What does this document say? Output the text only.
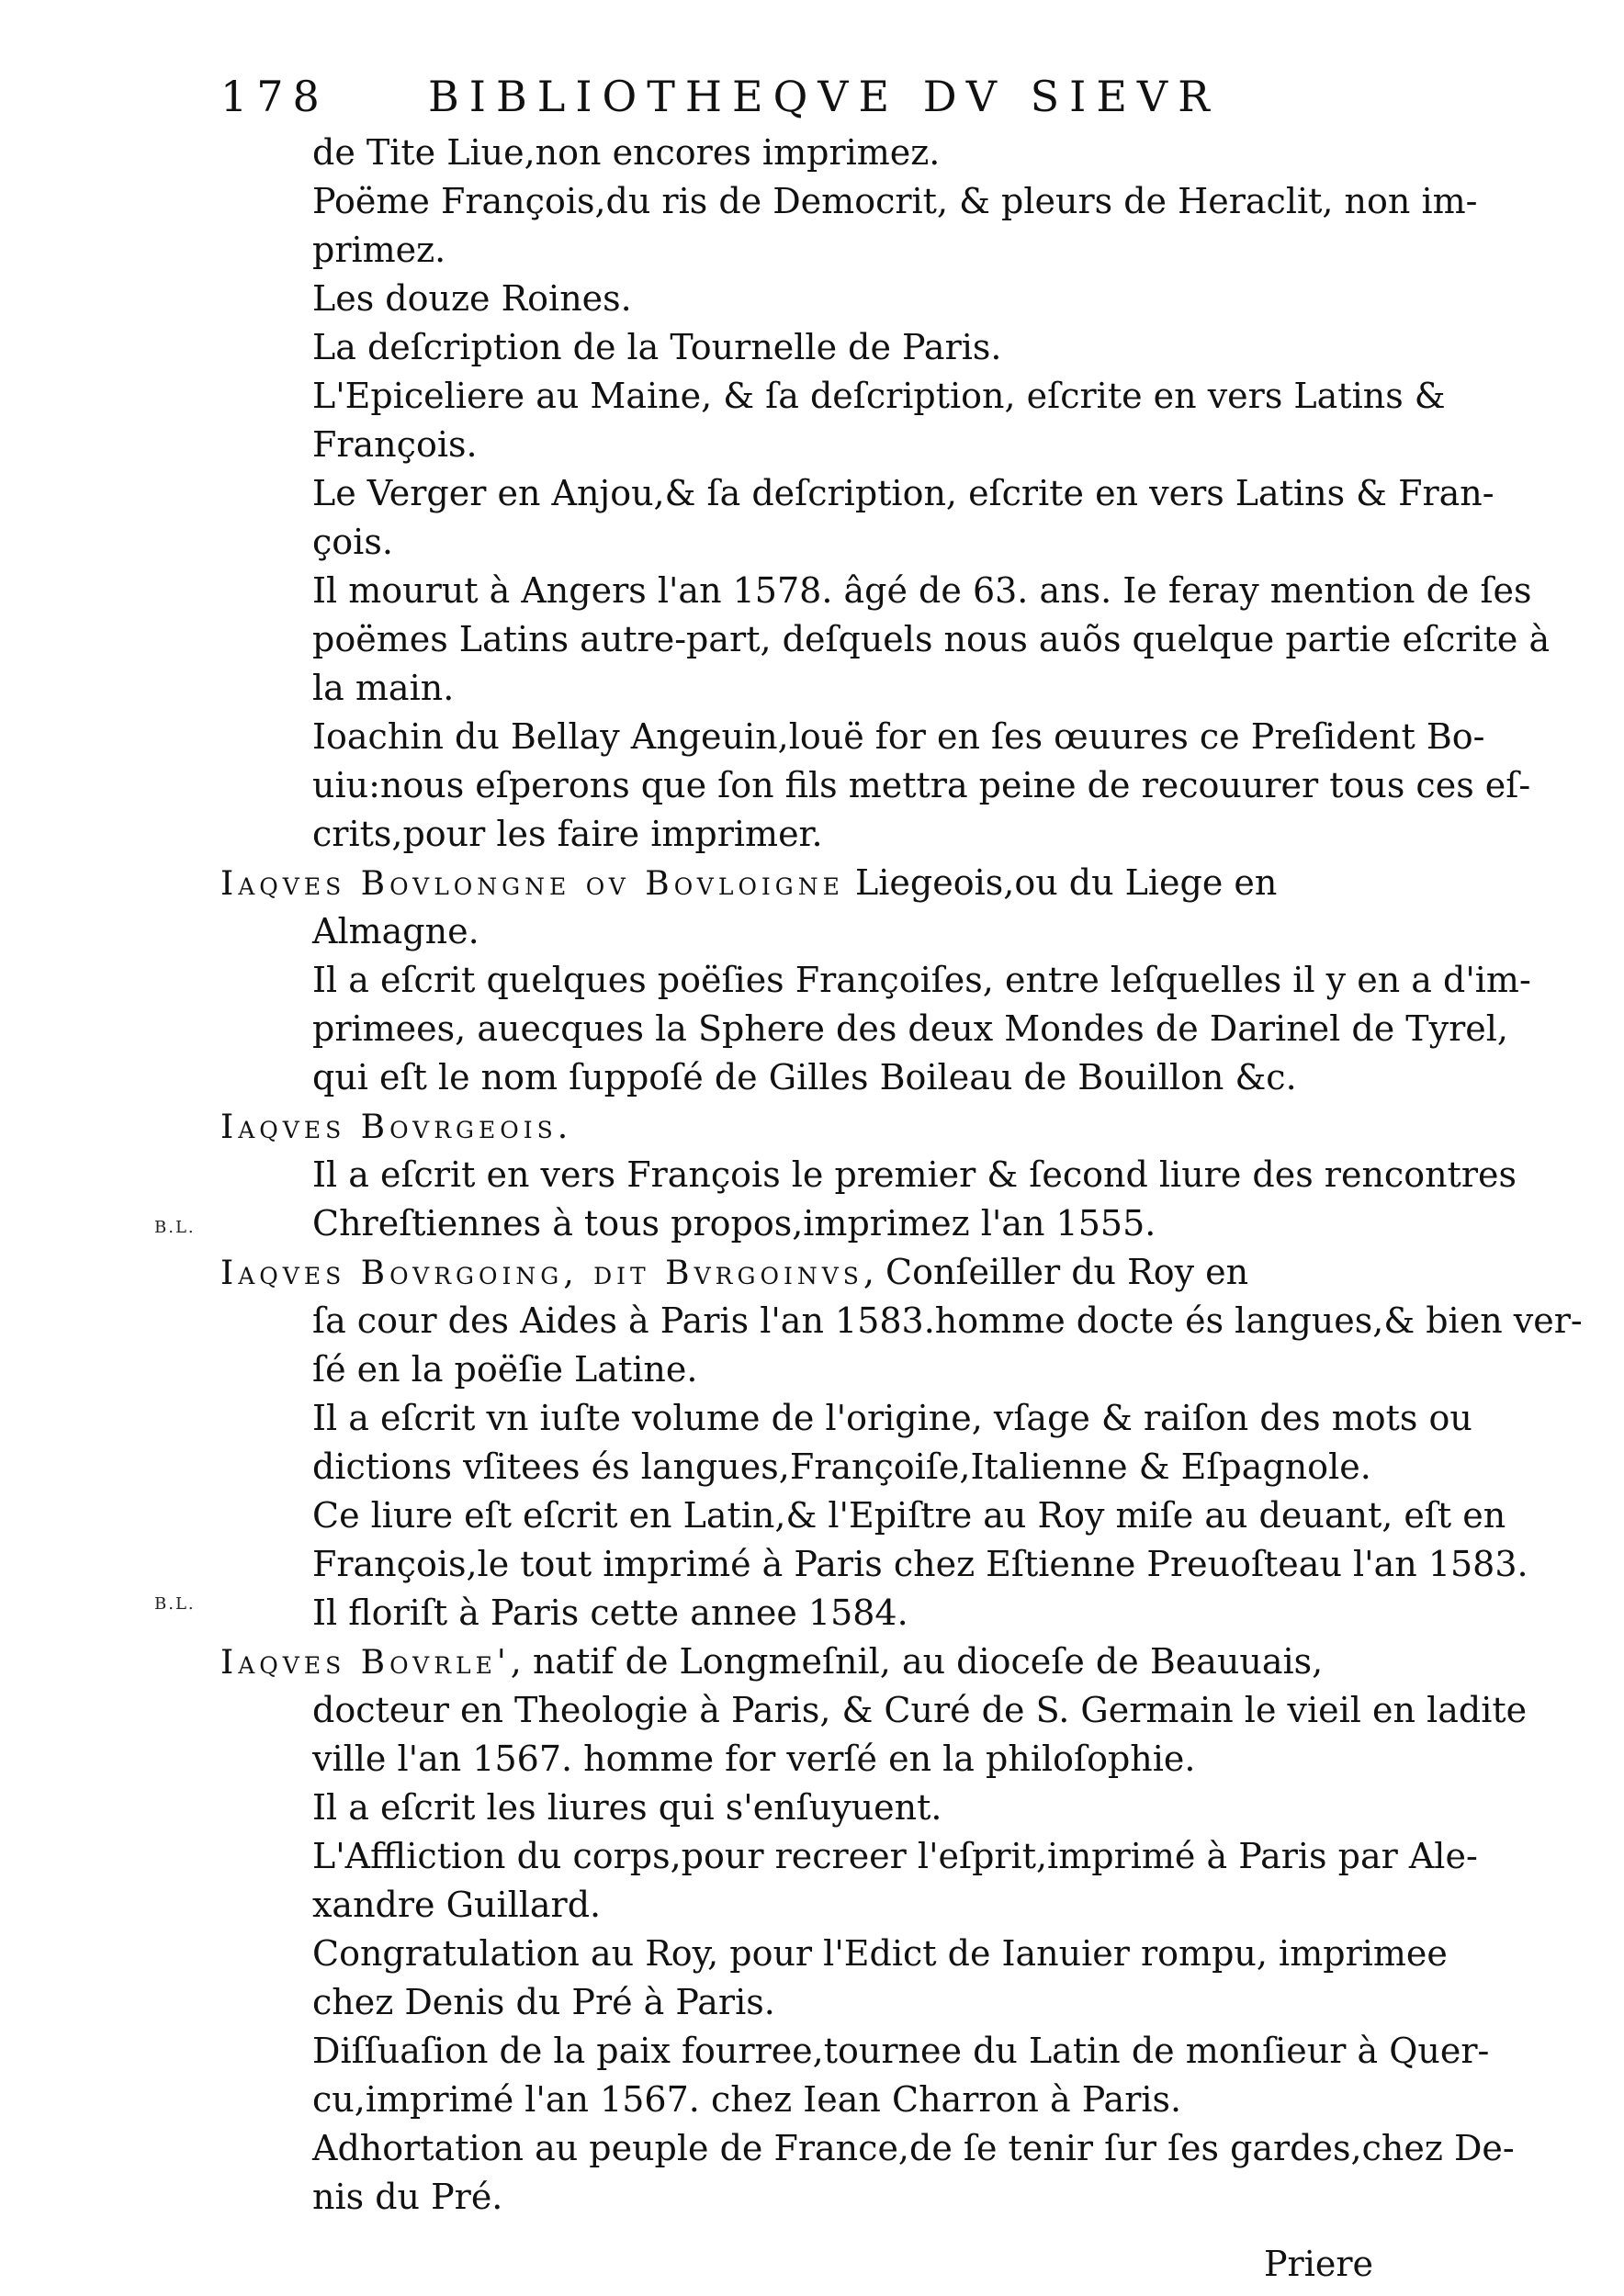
178 BIBLIOTHEQVE DV SIEVR
B.L.
B.L.
de Tite Liue,non encores imprimez.
Poëme François,du ris de Democrit, & pleurs de Heraclit, non im-
primez.
Les douze Roines.
La deſcription de la Tournelle de Paris.
L'Epiceliere au Maine, & ſa deſcription, eſcrite en vers Latins &
François.
Le Verger en Anjou,& ſa deſcription, eſcrite en vers Latins & Fran-
çois.
Il mourut à Angers l'an 1578. âgé de 63. ans. Ie feray mention de ſes
poëmes Latins autre-part, deſquels nous auõs quelque partie eſcrite à
la main.
Ioachin du Bellay Angeuin,louë for en ſes œuures ce Preſident Bo-
uiu:nous eſperons que ſon fils mettra peine de recouurer tous ces eſ-
crits,pour les faire imprimer.
Iaqves Bovlongne ov Bovloigne Liegeois,ou du Liege en
Almagne.
Il a eſcrit quelques poëſies Françoiſes, entre leſquelles il y en a d'im-
primees, auecques la Sphere des deux Mondes de Darinel de Tyrel,
qui eſt le nom ſuppoſé de Gilles Boileau de Bouillon &c.
Iaqves Bovrgeois.
Il a eſcrit en vers François le premier & ſecond liure des rencontres
Chreſtiennes à tous propos,imprimez l'an 1555.
Iaqves Bovrgoing, dit Bvrgoinvs, Conſeiller du Roy en
ſa cour des Aides à Paris l'an 1583.homme docte és langues,& bien ver-
ſé en la poëſie Latine.
Il a eſcrit vn iuſte volume de l'origine, vſage & raiſon des mots ou
dictions vſitees és langues,Françoiſe,Italienne & Eſpagnole.
Ce liure eſt eſcrit en Latin,& l'Epiſtre au Roy miſe au deuant, eſt en
François,le tout imprimé à Paris chez Eſtienne Preuoſteau l'an 1583.
Il floriſt à Paris cette annee 1584.
Iaqves Bovrle', natif de Longmeſnil, au dioceſe de Beauuais,
docteur en Theologie à Paris, & Curé de S. Germain le vieil en ladite
ville l'an 1567. homme for verſé en la philoſophie.
Il a eſcrit les liures qui s'enſuyuent.
L'Affliction du corps,pour recreer l'eſprit,imprimé à Paris par Ale-
xandre Guillard.
Congratulation au Roy, pour l'Edict de Ianuier rompu, imprimee
chez Denis du Pré à Paris.
Diſſuaſion de la paix fourree,tournee du Latin de monſieur à Quer-
cu,imprimé l'an 1567. chez Iean Charron à Paris.
Adhortation au peuple de France,de ſe tenir ſur ſes gardes,chez De-
nis du Pré.
Priere
